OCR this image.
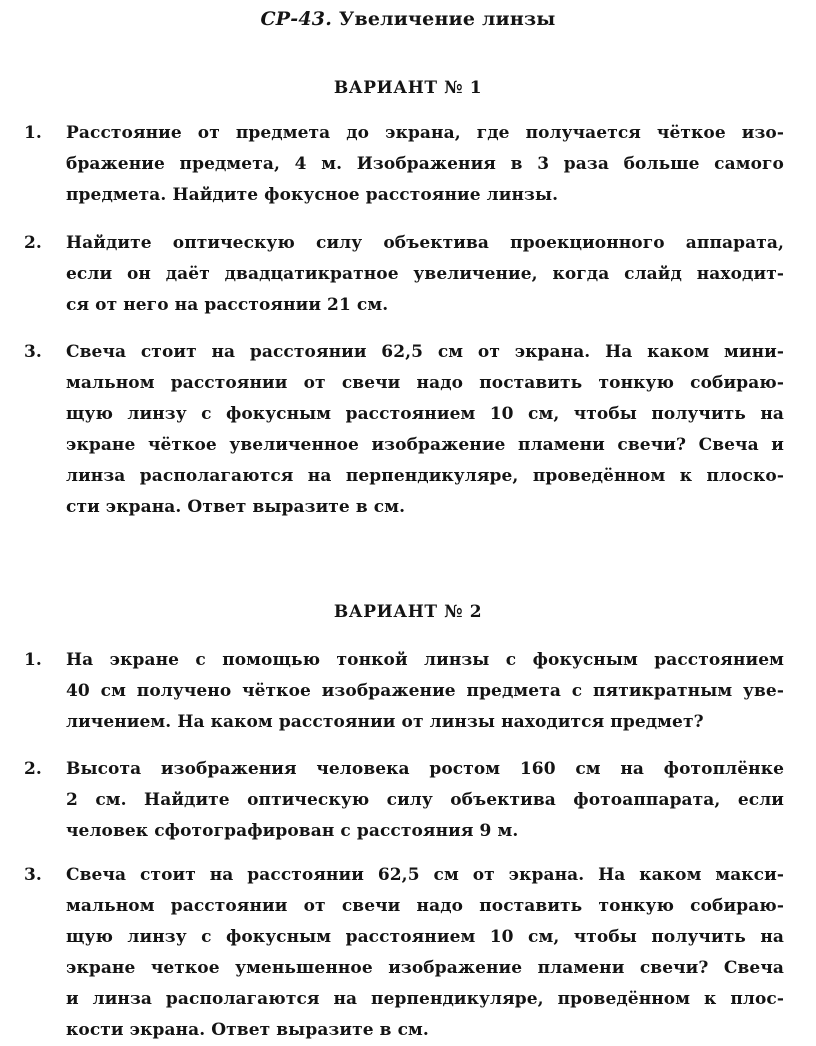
СР-43. Увеличение линзы
ВАРИАНТ № 1
1. Расстояние от предмета до экрана, где получается чёткое изо-
бражение предмета, 4 м. Изображения в 3 раза больше самого
предмета. Найдите фокусное расстояние линзы.
2. Найдите оптическую силу объектива проекционного аппарата,
если он даёт двадцатикратное увеличение, когда слайд находит-
ся от него на расстоянии 21 см.
3. Свеча стоит на расстоянии 62,5 см от экрана. На каком мини-
мальном расстоянии от свечи надо поставить тонкую собираю-
щую линзу с фокусным расстоянием 10 см, чтобы получить на
экране чёткое увеличенное изображение пламени свечи? Свеча и
линза располагаются на перпендикуляре, проведённом к плоско-
сти экрана. Ответ выразите в см.
ВАРИАНТ № 2
1. На экране с помощью тонкой линзы с фокусным расстоянием
40 см получено чёткое изображение предмета с пятикратным уве-
личением. На каком расстоянии от линзы находится предмет?
2. Высота изображения человека ростом 160 см на фотоплёнке
2 см. Найдите оптическую силу объектива фотоаппарата, если
человек сфотографирован с расстояния 9 м.
3. Свеча стоит на расстоянии 62,5 см от экрана. На каком макси-
мальном расстоянии от свечи надо поставить тонкую собираю-
щую линзу с фокусным расстоянием 10 см, чтобы получить на
экране четкое уменьшенное изображение пламени свечи? Свеча
и линза располагаются на перпендикуляре, проведённом к плос-
кости экрана. Ответ выразите в см.
